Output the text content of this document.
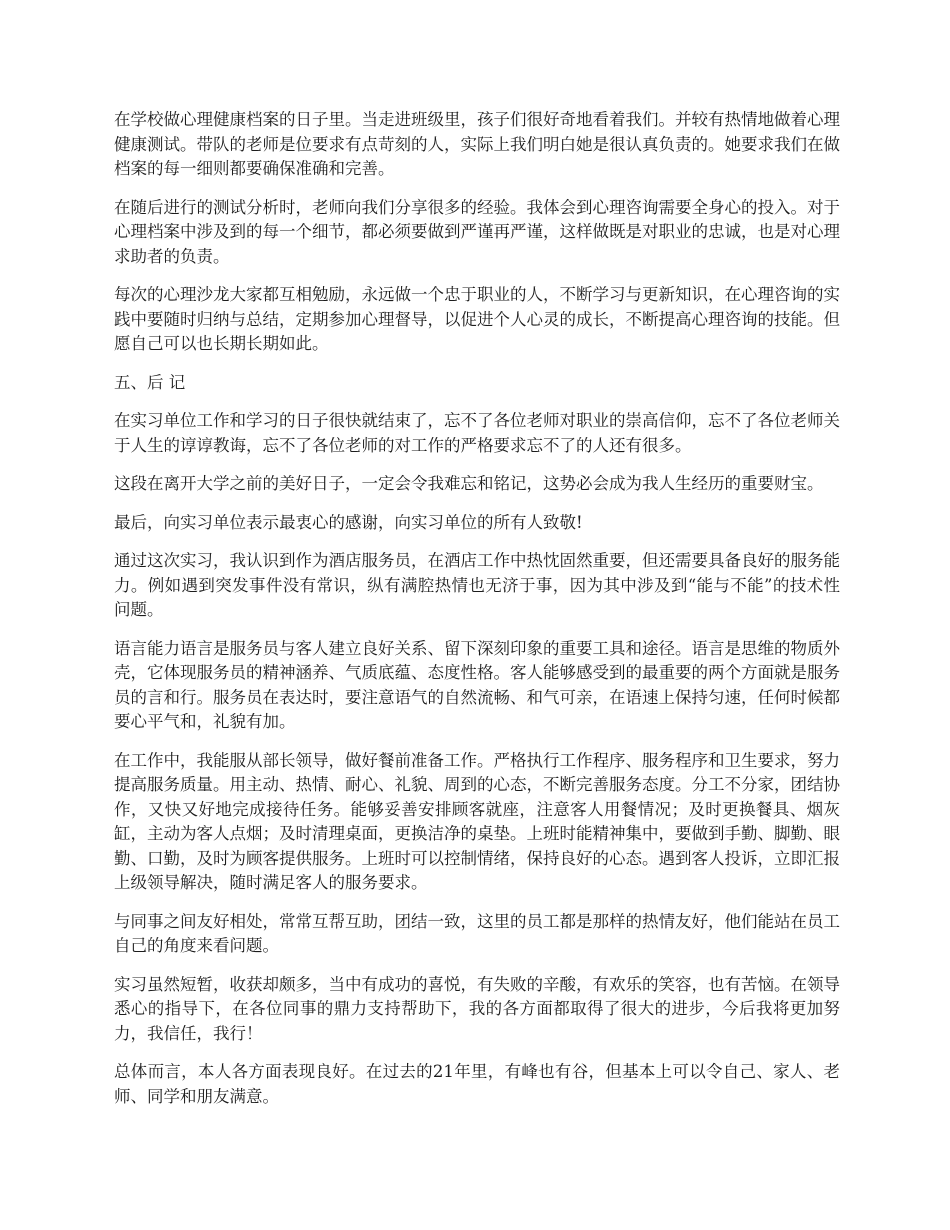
在学校做心理健康档案的日子里。当走进班级里，孩子们很好奇地看着我们。并较有热情地做着心理健康测试。带队的老师是位要求有点苛刻的人，实际上我们明白她是很认真负责的。她要求我们在做档案的每一细则都要确保准确和完善。

在随后进行的测试分析时，老师向我们分享很多的经验。我体会到心理咨询需要全身心的投入。对于心理档案中涉及到的每一个细节，都必须要做到严谨再严谨，这样做既是对职业的忠诚，也是对心理求助者的负责。

每次的心理沙龙大家都互相勉励，永远做一个忠于职业的人，不断学习与更新知识，在心理咨询的实践中要随时归纳与总结，定期参加心理督导，以促进个人心灵的成长，不断提高心理咨询的技能。但愿自己可以也长期长期如此。

五、后 记

在实习单位工作和学习的日子很快就结束了，忘不了各位老师对职业的崇高信仰，忘不了各位老师关于人生的谆谆教诲，忘不了各位老师的对工作的严格要求忘不了的人还有很多。

这段在离开大学之前的美好日子，一定会令我难忘和铭记，这势必会成为我人生经历的重要财宝。

最后，向实习单位表示最衷心的感谢，向实习单位的所有人致敬!

通过这次实习，我认识到作为酒店服务员，在酒店工作中热忱固然重要，但还需要具备良好的服务能力。例如遇到突发事件没有常识，纵有满腔热情也无济于事，因为其中涉及到“能与不能”的技术性问题。

语言能力语言是服务员与客人建立良好关系、留下深刻印象的重要工具和途径。语言是思维的物质外壳，它体现服务员的精神涵养、气质底蕴、态度性格。客人能够感受到的最重要的两个方面就是服务员的言和行。服务员在表达时，要注意语气的自然流畅、和气可亲，在语速上保持匀速，任何时候都要心平气和，礼貌有加。

在工作中，我能服从部长领导，做好餐前准备工作。严格执行工作程序、服务程序和卫生要求，努力提高服务质量。用主动、热情、耐心、礼貌、周到的心态，不断完善服务态度。分工不分家，团结协作，又快又好地完成接待任务。能够妥善安排顾客就座，注意客人用餐情况；及时更换餐具、烟灰缸，主动为客人点烟；及时清理桌面，更换洁净的桌垫。上班时能精神集中，要做到手勤、脚勤、眼勤、口勤，及时为顾客提供服务。上班时可以控制情绪，保持良好的心态。遇到客人投诉，立即汇报上级领导解决，随时满足客人的服务要求。

与同事之间友好相处，常常互帮互助，团结一致，这里的员工都是那样的热情友好，他们能站在员工自己的角度来看问题。

实习虽然短暂，收获却颇多，当中有成功的喜悦，有失败的辛酸，有欢乐的笑容，也有苦恼。在领导悉心的指导下，在各位同事的鼎力支持帮助下，我的各方面都取得了很大的进步，今后我将更加努力，我信任，我行！

总体而言，本人各方面表现良好。在过去的21年里，有峰也有谷，但基本上可以令自己、家人、老师、同学和朋友满意。
